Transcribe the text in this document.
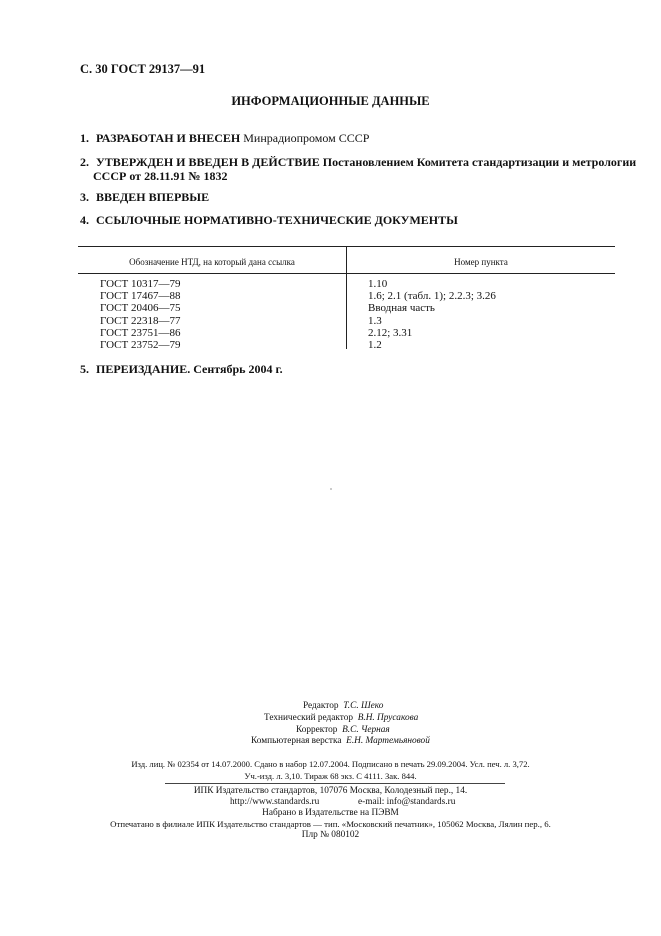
С. 30 ГОСТ 29137—91
ИНФОРМАЦИОННЫЕ ДАННЫЕ
1. РАЗРАБОТАН И ВНЕСЕН Минрадиопромом СССР
2. УТВЕРЖДЕН И ВВЕДЕН В ДЕЙСТВИЕ Постановлением Комитета стандартизации и метрологии
СССР от 28.11.91 № 1832
3. ВВЕДЕН ВПЕРВЫЕ
4. ССЫЛОЧНЫЕ НОРМАТИВНО-ТЕХНИЧЕСКИЕ ДОКУМЕНТЫ
Обозначение НТД, на который дана ссылка	Номер пункта
ГОСТ 10317—79
ГОСТ 17467—88
ГОСТ 20406—75
ГОСТ 22318—77
ГОСТ 23751—86
ГОСТ 23752—79
1.10
1.6; 2.1 (табл. 1); 2.2.3; 3.26
Вводная часть
1.3
2.12; 3.31
1.2
5. ПЕРЕИЗДАНИЕ. Сентябрь 2004 г.
Редактор Т.С. Шеко
Технический редактор В.Н. Прусакова
Корректор В.С. Черная
Компьютерная верстка Е.Н. Мартемьяновой
Изд. лиц. № 02354 от 14.07.2000. Сдано в набор 12.07.2004. Подписано в печать 29.09.2004. Усл. печ. л. 3,72.
Уч.-изд. л. 3,10. Тираж 68 экз. С 4111. Зак. 844.
ИПК Издательство стандартов, 107076 Москва, Колодезный пер., 14.
http://www.standards.ru	e-mail: info@standards.ru
Набрано в Издательстве на ПЭВМ
Отпечатано в филиале ИПК Издательство стандартов — тип. «Московский печатник», 105062 Москва, Лялин пер., 6.
Плр № 080102
